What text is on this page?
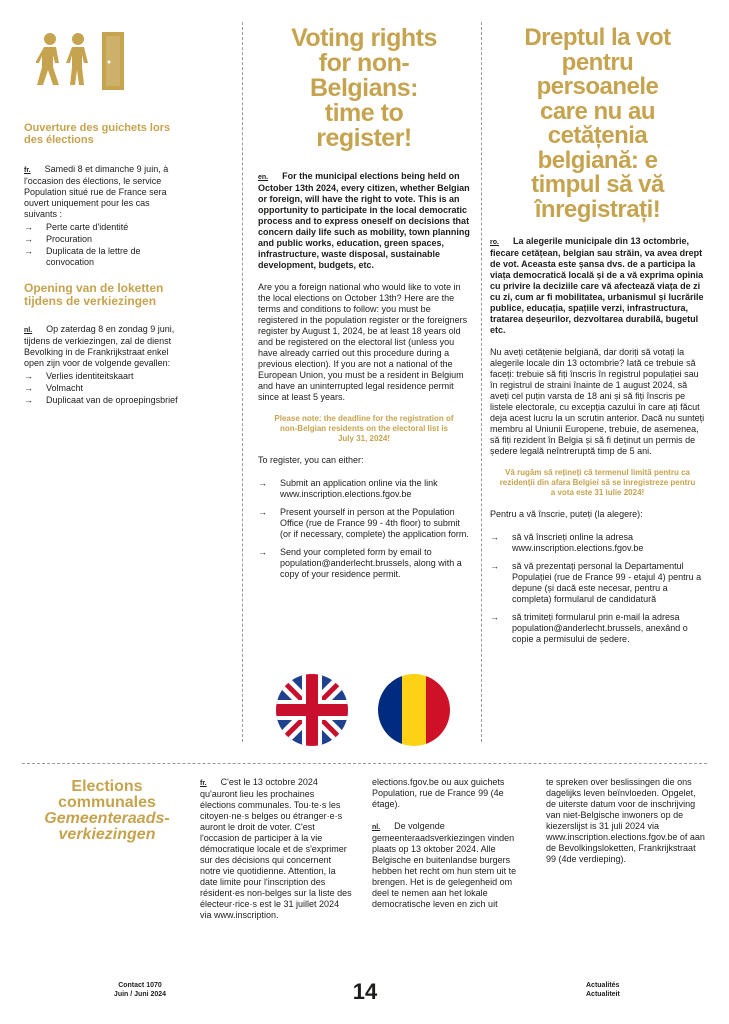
Ouverture des guichets lors des élections
fr. Samedi 8 et dimanche 9 juin, à l'occasion des élections, le service Population situé rue de France sera ouvert uniquement pour les cas suivants :
→ Perte carte d'identité
→ Procuration
→ Duplicata de la lettre de convocation
Opening van de loketten tijdens de verkiezingen
nl. Op zaterdag 8 en zondag 9 juni, tijdens de verkiezingen, zal de dienst Bevolking in de Frankrijkstraat enkel open zijn voor de volgende gevallen:
→ Verlies identiteitskaart
→ Volmacht
→ Duplicaat van de oproepingsbrief
Voting rights for non-Belgians: time to register!
en. For the municipal elections being held on October 13th 2024, every citizen, whether Belgian or foreign, will have the right to vote. This is an opportunity to participate in the local democratic process and to express oneself on decisions that concern daily life such as mobility, town planning and public works, education, green spaces, infrastructure, waste disposal, sustainable development, budgets, etc.

Are you a foreign national who would like to vote in the local elections on October 13th? Here are the terms and conditions to follow: you must be registered in the population register or the foreigners register by August 1, 2024, be at least 18 years old and be registered on the electoral list (unless you have already carried out this procedure during a previous election). If you are not a national of the European Union, you must be a resident in Belgium and have an uninterrupted legal residence permit since at least 5 years.

Please note: the deadline for the registration of non-Belgian residents on the electoral list is July 31, 2024!

To register, you can either:

→ Submit an application online via the link www.inscription.elections.fgov.be
→ Present yourself in person at the Population Office (rue de France 99 - 4th floor) to submit (or if necessary, complete) the application form.
→ Send your completed form by email to population@anderlecht.brussels, along with a copy of your residence permit.
Dreptul la vot pentru persoanele care nu au cetățenia belgiană: e timpul să vă înregistrați!
ro. La alegerile municipale din 13 octombrie, fiecare cetățean, belgian sau străin, va avea drept de vot. Aceasta este șansa dvs. de a participa la viața democratică locală și de a vă exprima opinia cu privire la deciziile care vă afectează viața de zi cu zi, cum ar fi mobilitatea, urbanismul și lucrările publice, educația, spațiile verzi, infrastructura, tratarea deșeurilor, dezvoltarea durabilă, bugetul etc.

Nu aveți cetățenie belgiană, dar doriți să votați la alegerile locale din 13 octombrie? Iată ce trebuie să faceți: trebuie să fiți înscris în registrul populației sau în registrul de straini înainte de 1 august 2024, să aveți cel puțin varsta de 18 ani și să fiți înscris pe listele electorale, cu excepția cazului în care ați făcut deja acest lucru la un scrutin anterior. Dacă nu sunteți membru al Uniunii Europene, trebuie, de asemenea, să fiți rezident în Belgia și să fi deținut un permis de ședere legală neîntreruptă timp de 5 ani.

Vă rugăm să rețineți că termenul limită pentru ca rezidenții din afara Belgiei să se înregistreze pentru a vota este 31 iulie 2024!

Pentru a vă înscrie, puteți (la alegere):

→ să vă înscrieți online la adresa www.inscription.elections.fgov.be
→ să vă prezentați personal la Departamentul Populației (rue de France 99 - etajul 4) pentru a depune (și dacă este necesar, pentru a completa) formularul de candidatură
→ să trimiteți formularul prin e-mail la adresa population@anderlecht.brussels, anexând o copie a permisului de ședere.
Elections communales
Gemeenteraads-verkiezingen
fr. C'est le 13 octobre 2024 qu'auront lieu les prochaines élections communales. Tou·te·s les citoyen·ne·s belges ou étranger·e·s auront le droit de voter. C'est l'occasion de participer à la vie démocratique locale et de s'exprimer sur des décisions qui concernent notre vie quotidienne. Attention, la date limite pour l'inscription des résident·es non-belges sur la liste des électeur·rice·s est le 31 juillet 2024 via www.inscription.

elections.fgov.be ou aux guichets Population, rue de France 99 (4e étage).

nl. De volgende gemeenteraadsverkiezingen vinden plaats op 13 oktober 2024. Alle Belgische en buitenlandse burgers hebben het recht om hun stem uit te brengen. Het is de gelegenheid om deel te nemen aan het lokale democratische leven en zich uit

te spreken over beslissingen die ons dagelijks leven beïnvloeden. Opgelet, de uiterste datum voor de inschrijving van niet-Belgische inwoners op de kiezerslijst is 31 juli 2024 via www.inscription.elections.fgov.be of aan de Bevolkingsloketten, Frankrijkstraat 99 (4de verdieping).

Contact 1070
Juin / Juni 2024	14	Actualités
Actualiteit
